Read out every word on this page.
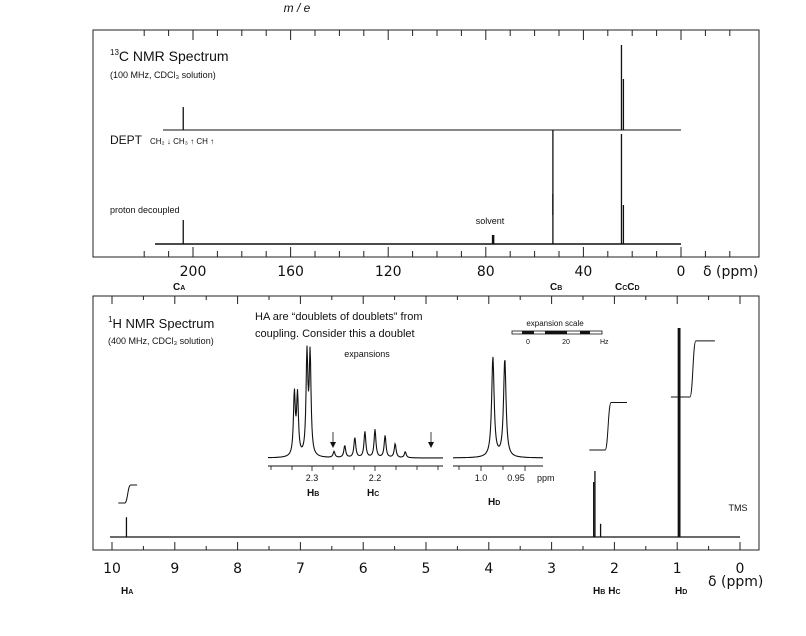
m / e
$^{13}$C NMR Spectrum
(100 MHz, CDCl₃ solution)
DEPT CH₂ ↓ CH₃ ↑ CH ↑
proton decoupled
solvent
200	160	120	80	40	0 δ (ppm)
CA	CB	CCCD
$^1$H NMR Spectrum
(400 MHz, CDCl₃ solution)
HA are “doublets of doublets” from
coupling. Consider this a doublet
expansions
expansion scale
0	20	Hz
2.3	2.2
HB	HC
1.0 0.95 ppm
HD	TMS
10	9	8	7	6	5	4	3	2	1	0
δ (ppm)
HA	HB HC	HD
